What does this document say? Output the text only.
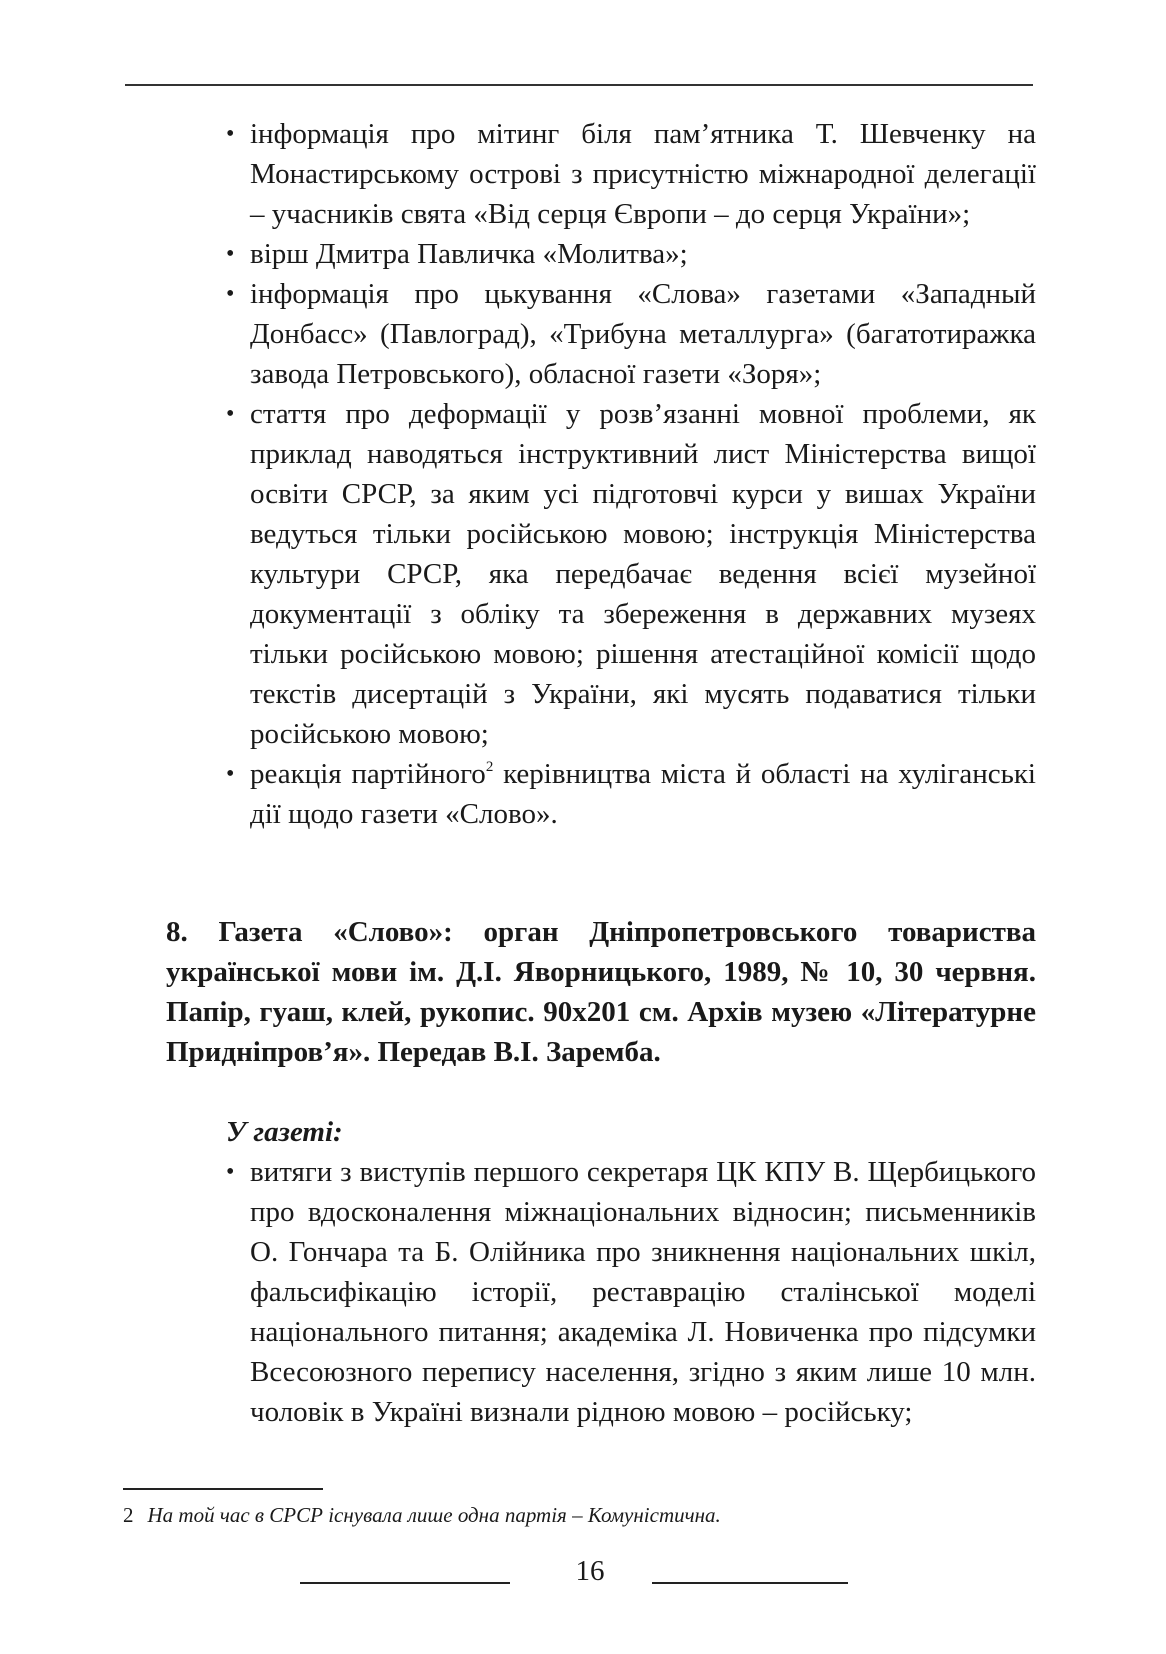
• інформація про мітинг біля пам’ятника Т. Шевченку на Монастирському острові з присутністю міжнародної делегації – учасників свята «Від серця Європи – до серця України»;
• вірш Дмитра Павличка «Молитва»;
• інформація про цькування «Слова» газетами «Западный Донбасс» (Павлоград), «Трибуна металлурга» (багатотиражка завода Петровського), обласної газети «Зоря»;
• стаття про деформації у розв’язанні мовної проблеми, як приклад наводяться інструктивний лист Міністерства вищої освіти СРСР, за яким усі підготовчі курси у вишах України ведуться тільки російською мовою; інструкція Міністерства культури СРСР, яка передбачає ведення всієї музейної документації з обліку та збереження в державних музеях тільки російською мовою; рішення атестаційної комісії щодо текстів дисертацій з України, які мусять подаватися тільки російською мовою;
• реакція партійного$^2$ керівництва міста й області на хуліганські дії щодо газети «Слово».

8. Газета «Слово»: орган Дніпропетровського товариства української мови ім. Д.І. Яворницького, 1989, № 10, 30 червня. Папір, гуаш, клей, рукопис. 90х201 см. Архів музею «Літературне Придніпров’я». Передав В.І. Заремба.

У газеті:

• витяги з виступів першого секретаря ЦК КПУ В. Щербицького про вдосконалення міжнаціональних відносин; письменників О. Гончара та Б. Олійника про зникнення національних шкіл, фальсифікацію історії, реставрацію сталінської моделі національного питання; академіка Л. Новиченка про підсумки Всесоюзного перепису населення, згідно з яким лише 10 млн. чоловік в Україні визнали рідною мовою – російську;

2 На той час в СРСР існувала лише одна партія – Комуністична.

16
